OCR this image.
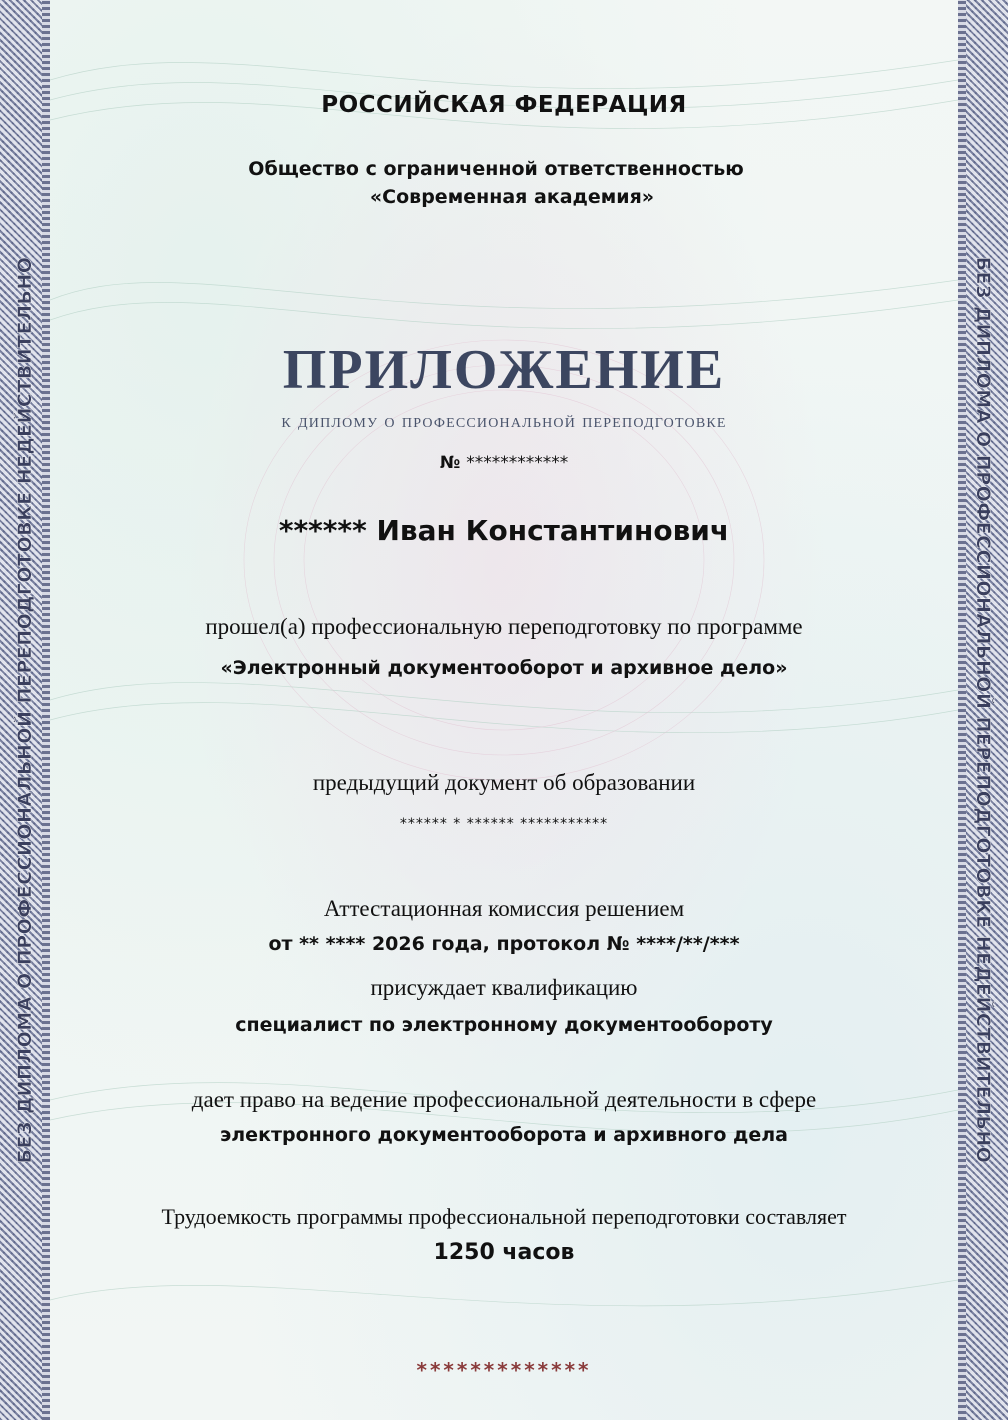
БЕЗ ДИПЛОМА О ПРОФЕССИОНАЛЬНОЙ ПЕРЕПОДГОТОВКЕ НЕДЕЙСТВИТЕЛЬНО	БЕЗ ДИПЛОМА О ПРОФЕССИОНАЛЬНОЙ ПЕРЕПОДГОТОВКЕ НЕДЕЙСТВИТЕЛЬНО
РОССИЙСКАЯ ФЕДЕРАЦИЯ
Общество с ограниченной ответственностью
«Современная академия»
ПРИЛОЖЕНИЕ
к диплому о профессиональной переподготовке
№ ************
****** Иван Константинович
прошел(а) профессиональную переподготовку по программе
«Электронный документооборот и архивное дело»
предыдущий документ об образовании
****** * ****** ***********
Аттестационная комиссия решением
от ** **** 2026 года, протокол № ****/**/***
присуждает квалификацию
специалист по электронному документообороту
дает право на ведение профессиональной деятельности в сфере
электронного документооборота и архивного дела
Трудоемкость программы профессиональной переподготовки составляет
1250 часов
*************
